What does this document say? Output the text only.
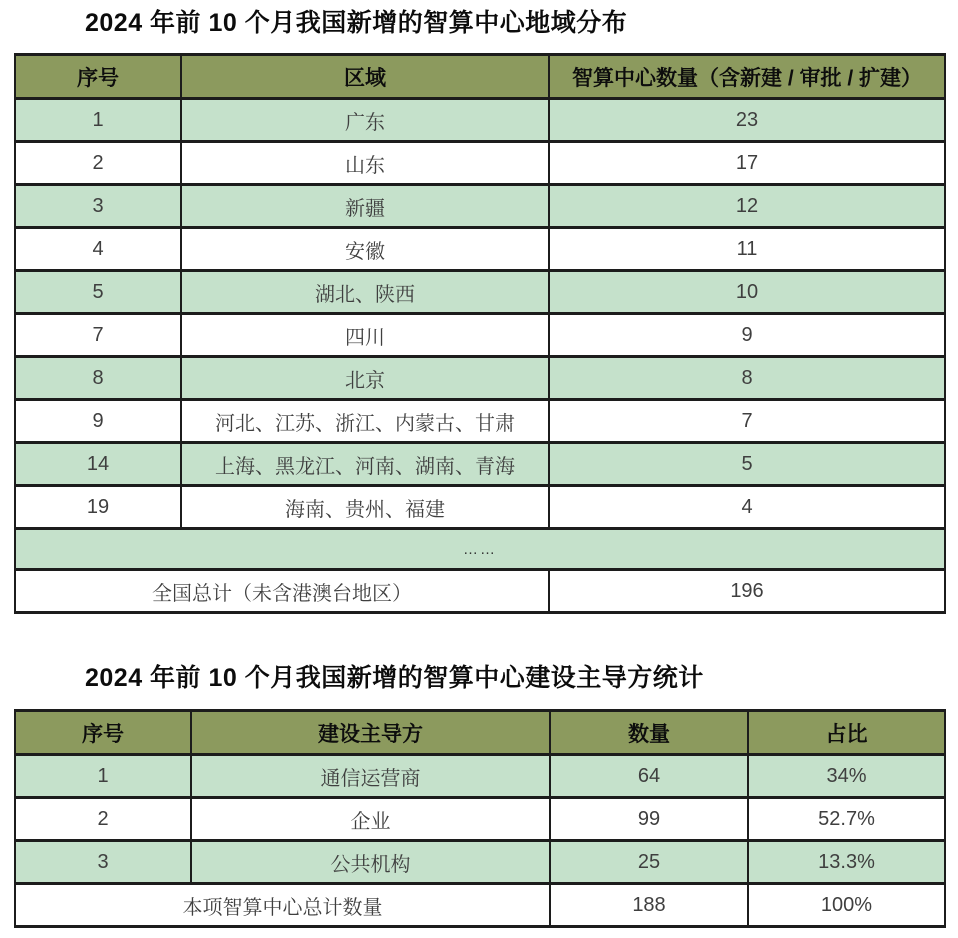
2024 年前 10 个月我国新增的智算中心地域分布
序号	区域	智算中心数量（含新建 / 审批 / 扩建）
1	广东	23
2	山东	17
3	新疆	12
4	安徽	11
5	湖北、陕西	10
7	四川	9
8	北京	8
9	河北、江苏、浙江、内蒙古、甘肃	7
14	上海、黑龙江、河南、湖南、青海	5
19	海南、贵州、福建	4
……		
全国总计（未含港澳台地区）		196
2024 年前 10 个月我国新增的智算中心建设主导方统计
序号	建设主导方	数量	占比
1	通信运营商	64	34%
2	企业	99	52.7%
3	公共机构	25	13.3%
本项智算中心总计数量		188	100%
